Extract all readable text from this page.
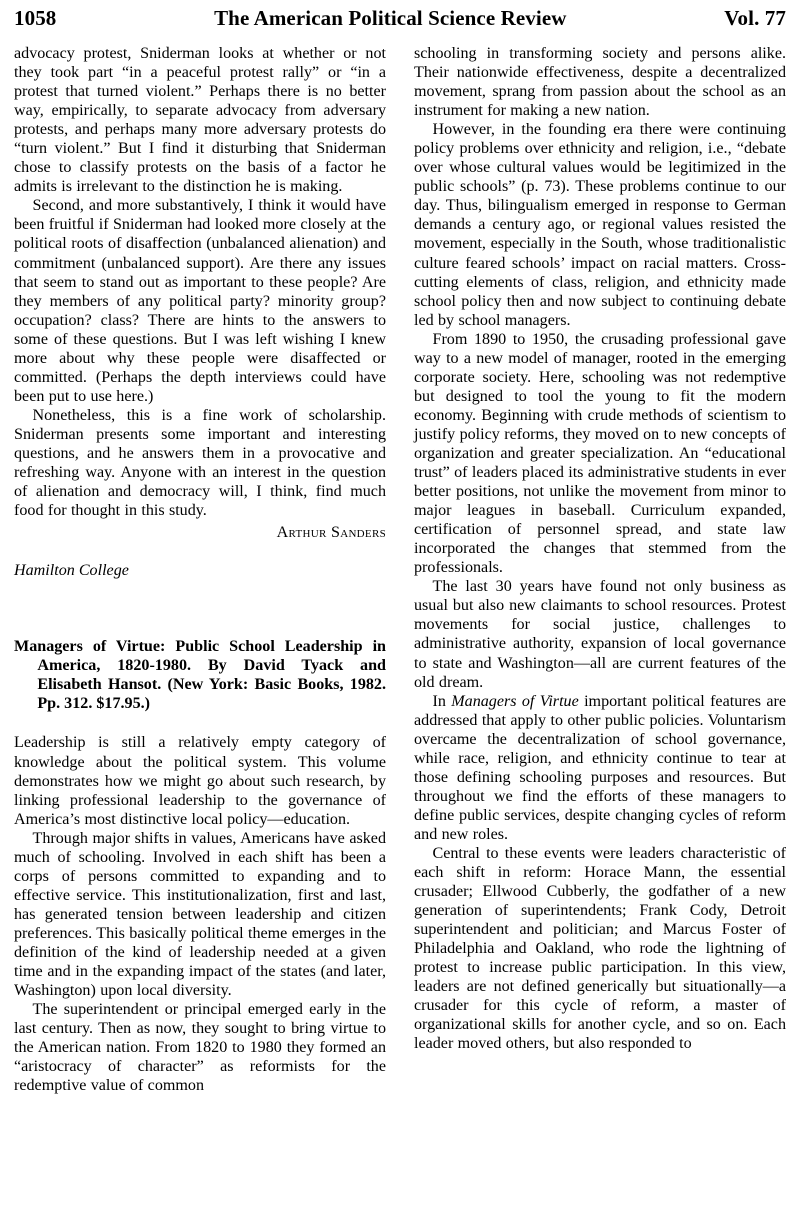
1058	The American Political Science Review	Vol. 77

advocacy protest, Sniderman looks at whether or not they took part “in a peaceful protest rally” or “in a protest that turned violent.” Perhaps there is no better way, empirically, to separate advocacy from adversary protests, and perhaps many more adversary protests do “turn violent.” But I find it disturbing that Sniderman chose to classify protests on the basis of a factor he admits is irrelevant to the distinction he is making.

Second, and more substantively, I think it would have been fruitful if Sniderman had looked more closely at the political roots of disaffection (unbalanced alienation) and commitment (unbalanced support). Are there any issues that seem to stand out as important to these people? Are they members of any political party? minority group? occupation? class? There are hints to the answers to some of these questions. But I was left wishing I knew more about why these people were disaffected or committed. (Perhaps the depth interviews could have been put to use here.)

Nonetheless, this is a fine work of scholarship. Sniderman presents some important and interesting questions, and he answers them in a provocative and refreshing way. Anyone with an interest in the question of alienation and democracy will, I think, find much food for thought in this study.

Arthur Sanders

Hamilton College

Managers of Virtue: Public School Leadership in America, 1820-1980. By David Tyack and Elisabeth Hansot. (New York: Basic Books, 1982. Pp. 312. $17.95.)

Leadership is still a relatively empty category of knowledge about the political system. This volume demonstrates how we might go about such research, by linking professional leadership to the governance of America’s most distinctive local policy—education.

Through major shifts in values, Americans have asked much of schooling. Involved in each shift has been a corps of persons committed to expanding and to effective service. This institutionalization, first and last, has generated tension between leadership and citizen preferences. This basically political theme emerges in the definition of the kind of leadership needed at a given time and in the expanding impact of the states (and later, Washington) upon local diversity.

The superintendent or principal emerged early in the last century. Then as now, they sought to bring virtue to the American nation. From 1820 to 1980 they formed an “aristocracy of character” as reformists for the redemptive value of common

schooling in transforming society and persons alike. Their nationwide effectiveness, despite a decentralized movement, sprang from passion about the school as an instrument for making a new nation.

However, in the founding era there were continuing policy problems over ethnicity and religion, i.e., “debate over whose cultural values would be legitimized in the public schools” (p. 73). These problems continue to our day. Thus, bilingualism emerged in response to German demands a century ago, or regional values resisted the movement, especially in the South, whose traditionalistic culture feared schools’ impact on racial matters. Cross-cutting elements of class, religion, and ethnicity made school policy then and now subject to continuing debate led by school managers.

From 1890 to 1950, the crusading professional gave way to a new model of manager, rooted in the emerging corporate society. Here, schooling was not redemptive but designed to tool the young to fit the modern economy. Beginning with crude methods of scientism to justify policy reforms, they moved on to new concepts of organization and greater specialization. An “educational trust” of leaders placed its administrative students in ever better positions, not unlike the movement from minor to major leagues in baseball. Curriculum expanded, certification of personnel spread, and state law incorporated the changes that stemmed from the professionals.

The last 30 years have found not only business as usual but also new claimants to school resources. Protest movements for social justice, challenges to administrative authority, expansion of local governance to state and Washington—all are current features of the old dream.

In Managers of Virtue important political features are addressed that apply to other public policies. Voluntarism overcame the decentralization of school governance, while race, religion, and ethnicity continue to tear at those defining schooling purposes and resources. But throughout we find the efforts of these managers to define public services, despite changing cycles of reform and new roles.

Central to these events were leaders characteristic of each shift in reform: Horace Mann, the essential crusader; Ellwood Cubberly, the godfather of a new generation of superintendents; Frank Cody, Detroit superintendent and politician; and Marcus Foster of Philadelphia and Oakland, who rode the lightning of protest to increase public participation. In this view, leaders are not defined generically but situationally—a crusader for this cycle of reform, a master of organizational skills for another cycle, and so on. Each leader moved others, but also responded to
